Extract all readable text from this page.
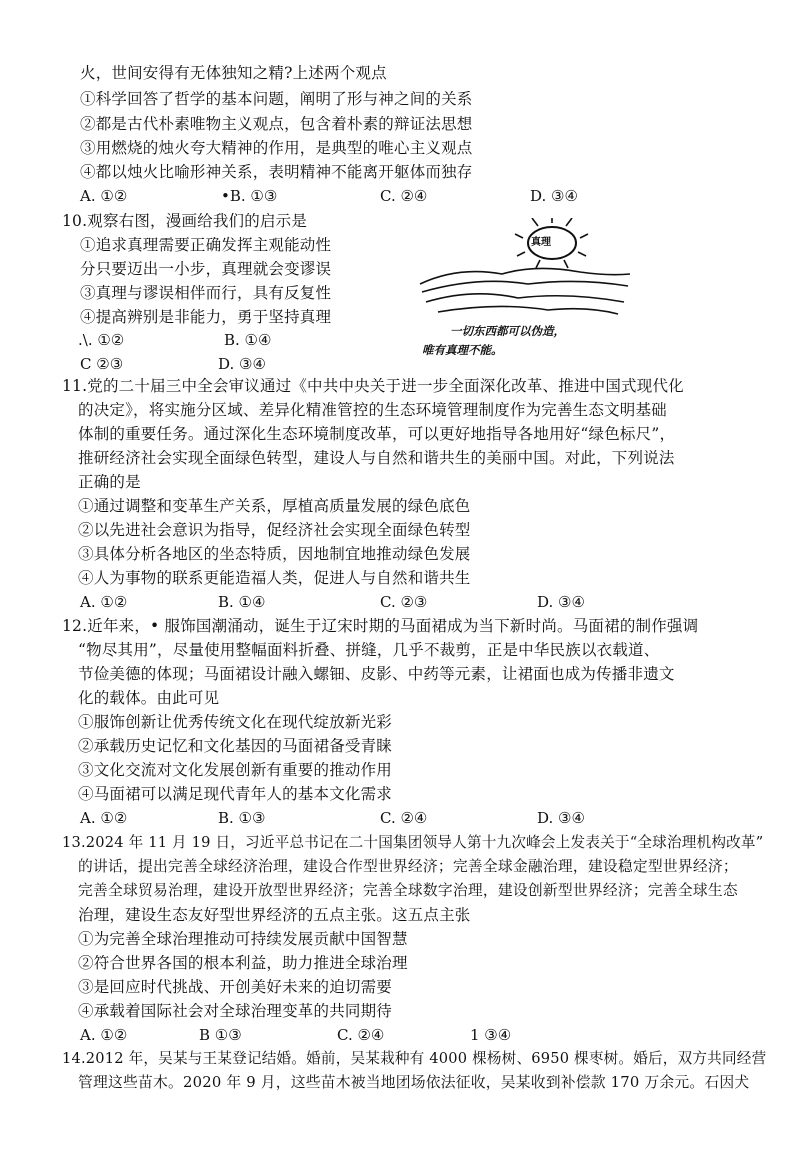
火，世间安得有无体独知之精?上述两个观点
①科学回答了哲学的基本问题，阐明了形与神之间的关系
②都是古代朴素唯物主义观点，包含着朴素的辩证法思想
③用燃烧的烛火夸大精神的作用，是典型的唯心主义观点
④都以烛火比喻形神关系，表明精神不能离开躯体而独存
A. ①②	•B. ①③	C. ②④	D. ③④
10.观察右图，漫画给我们的启示是
①追求真理需要正确发挥主观能动性
分只要迈出一小步，真理就会变谬误
③真理与谬误相伴而行，具有反复性
④提高辨别是非能力，勇于坚持真理
.\. ①②	B. ①④
C ②③	D. ③④
真理
一切东西都可以伪造，
唯有真理不能。
11.党的二十届三中全会审议通过《中共中央关于进一步全面深化改革、推进中国式现代化
的决定》，将实施分区域、差异化精准管控的生态环境管理制度作为完善生态文明基础
体制的重要任务。通过深化生态环境制度改革，可以更好地指导各地用好“绿色标尺”，
推研经济社会实现全面绿色转型，建设人与自然和谐共生的美丽中国。对此，下列说法
正确的是
①通过调整和变革生产关系，厚植高质量发展的绿色底色
②以先进社会意识为指导，促经济社会实现全面绿色转型
③具体分析各地区的坐态特质，因地制宜地推动绿色发展
④人为事物的联系更能造福人类，促进人与自然和谐共生
A. ①②	B. ①④	C. ②③	D. ③④
12.近年来，• 服饰国潮涌动，诞生于辽宋时期的马面裙成为当下新时尚。马面裙的制作强调
“物尽其用”，尽量使用整幅面料折叠、拼缝，几乎不裁剪，正是中华民族以衣载道、
节俭美德的体现；马面裙设计融入螺钿、皮影、中药等元素，让裙面也成为传播非遗文
化的载体。由此可见
①服饰创新让优秀传统文化在现代绽放新光彩
②承载历史记忆和文化基因的马面裙备受青睐
③文化交流对文化发展创新有重要的推动作用
④马面裙可以满足现代青年人的基本文化需求
A. ①②	B. ①③	C. ②④	D. ③④
13.2024 年 11 月 19 日，习近平总书记在二十国集团领导人第十九次峰会上发表关于“全球治理机构改革”
的讲话，提出完善全球经济治理，建设合作型世界经济；完善全球金融治理，建设稳定型世界经济；
完善全球贸易治理，建设开放型世界经济；完善全球数字治理，建设创新型世界经济；完善全球生态
治理，建设生态友好型世界经济的五点主张。这五点主张
①为完善全球治理推动可持续发展贡献中国智慧
②符合世界各国的根本利益，助力推进全球治理
③是回应时代挑战、开创美好未来的迫切需要
④承载着国际社会对全球治理变革的共同期待
A. ①②	B ①③	C. ②④	1 ③④
14.2012 年，吴某与王某登记结婚。婚前，吴某栽种有 4000 棵杨树、6950 棵枣树。婚后，双方共同经营
管理这些苗木。2020 年 9 月，这些苗木被当地团场依法征收，吴某收到补偿款 170 万余元。石因犬
